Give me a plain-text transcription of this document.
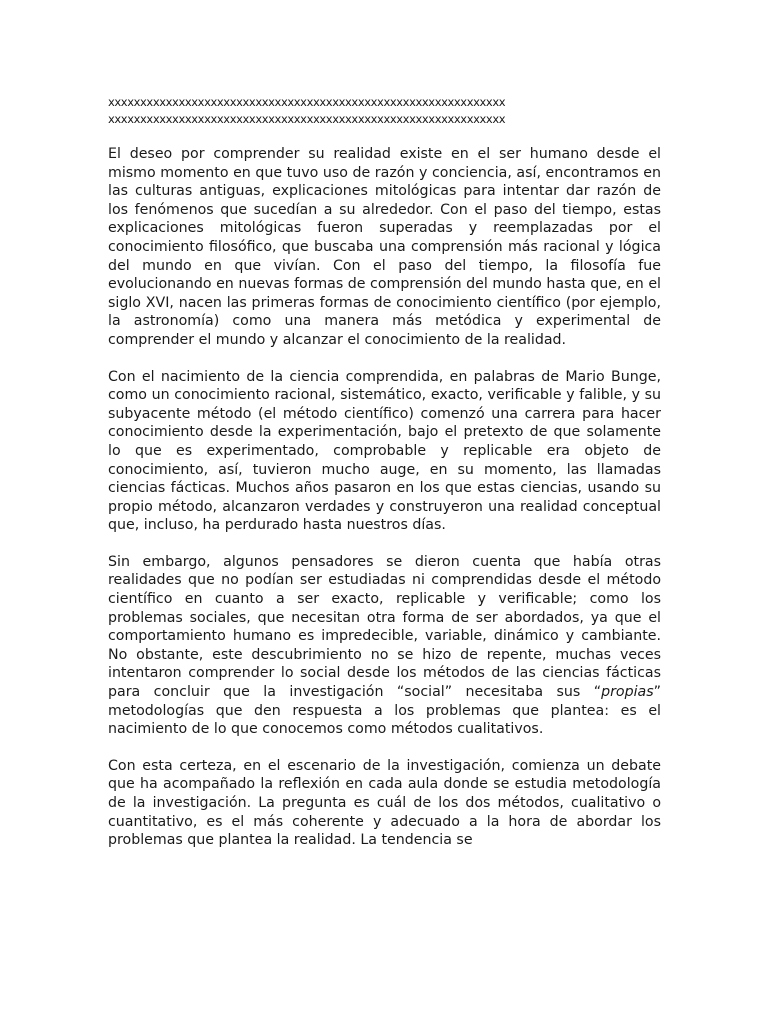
xxxxxxxxxxxxxxxxxxxxxxxxxxxxxxxxxxxxxxxxxxxxxxxxxxxxxxxxxxxxxx
xxxxxxxxxxxxxxxxxxxxxxxxxxxxxxxxxxxxxxxxxxxxxxxxxxxxxxxxxxxxxx

El deseo por comprender su realidad existe en el ser humano desde el mismo momento en que tuvo uso de razón y conciencia, así, encontramos en las culturas antiguas, explicaciones mitológicas para intentar dar razón de los fenómenos que sucedían a su alrededor. Con el paso del tiempo, estas explicaciones mitológicas fueron superadas y reemplazadas por el conocimiento filosófico, que buscaba una comprensión más racional y lógica del mundo en que vivían. Con el paso del tiempo, la filosofía fue evolucionando en nuevas formas de comprensión del mundo hasta que, en el siglo XVI, nacen las primeras formas de conocimiento científico (por ejemplo, la astronomía) como una manera más metódica y experimental de comprender el mundo y alcanzar el conocimiento de la realidad.

Con el nacimiento de la ciencia comprendida, en palabras de Mario Bunge, como un conocimiento racional, sistemático, exacto, verificable y falible, y su subyacente método (el método científico) comenzó una carrera para hacer conocimiento desde la experimentación, bajo el pretexto de que solamente lo que es experimentado, comprobable y replicable era objeto de conocimiento, así, tuvieron mucho auge, en su momento, las llamadas ciencias fácticas. Muchos años pasaron en los que estas ciencias, usando su propio método, alcanzaron verdades y construyeron una realidad conceptual que, incluso, ha perdurado hasta nuestros días.

Sin embargo, algunos pensadores se dieron cuenta que había otras realidades que no podían ser estudiadas ni comprendidas desde el método científico en cuanto a ser exacto, replicable y verificable; como los problemas sociales, que necesitan otra forma de ser abordados, ya que el comportamiento humano es impredecible, variable, dinámico y cambiante. No obstante, este descubrimiento no se hizo de repente, muchas veces intentaron comprender lo social desde los métodos de las ciencias fácticas para concluir que la investigación “social” necesitaba sus “propias” metodologías que den respuesta a los problemas que plantea: es el nacimiento de lo que conocemos como métodos cualitativos.

Con esta certeza, en el escenario de la investigación, comienza un debate que ha acompañado la reflexión en cada aula donde se estudia metodología de la investigación. La pregunta es cuál de los dos métodos, cualitativo o cuantitativo, es el más coherente y adecuado a la hora de abordar los problemas que plantea la realidad. La tendencia se
